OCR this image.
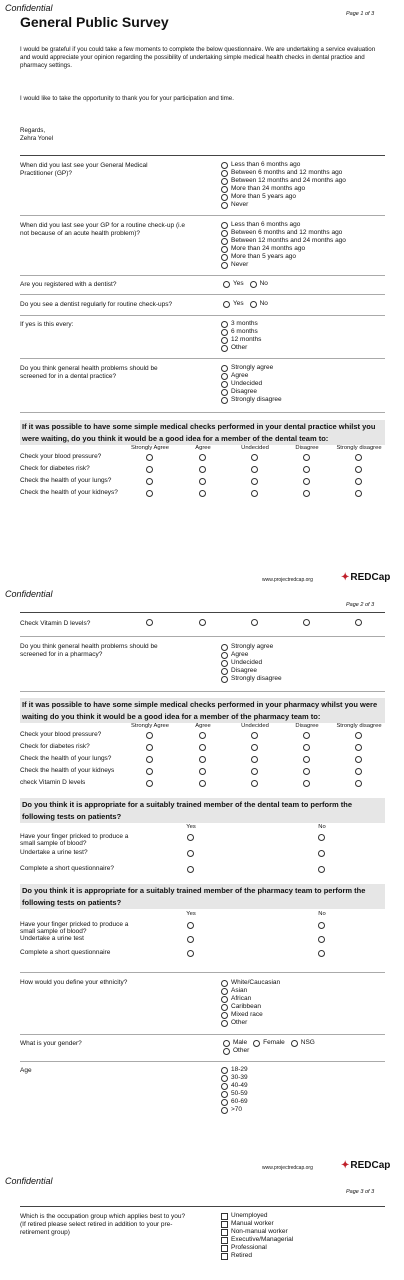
Confidential
Page 1 of 3
General Public Survey
I would be grateful if you could take a few moments to complete the below questionnaire. We are undertaking a service evaluation and would appreciate your opinion regarding the possibility of undertaking simple medical health checks in dental practice and pharmacy settings.
I would like to take the opportunity to thank you for your participation and time.
Regards,
Zehra Yonel
When did you last see your General Medical Practitioner (GP)?
Less than 6 months ago
Between 6 months and 12 months ago
Between 12 months and 24 months ago
More than 24 months ago
More than 5 years ago
Never
When did you last see your GP for a routine check-up (i.e not because of an acute health problem)?
Less than 6 months ago
Between 6 months and 12 months ago
Between 12 months and 24 months ago
More than 24 months ago
More than 5 years ago
Never
Are you registered with a dentist?	Yes No
Do you see a dentist regularly for routine check-ups?	Yes No
If yes is this every:	3 months
6 months
12 months
Other
Do you think general health problems should be screened for in a dental practice?
Strongly agree
Agree
Undecided
Disagree
Strongly disagree
If it was possible to have some simple medical checks performed in your dental practice whilst you were waiting, do you think it would be a good idea for a member of the dental team to:
Strongly Agree	Agree	Undecided	Disagree	Strongly disagree
Check your blood pressure?
Check for diabetes risk?
Check the health of your lungs?
Check the health of your kidneys?
www.projectredcap.org	✦ REDCap
Confidential
Page 2 of 3
Check Vitamin D levels?
Do you think general health problems should be screened for in a pharmacy?
Strongly agree
Agree
Undecided
Disagree
Strongly disagree
If it was possible to have some simple medical checks performed in your pharmacy whilst you were waiting do you think it would be a good idea for a member of the pharmacy team to:
Strongly Agree	Agree	Undecided	Disagree	Strongly disagree
Check your blood pressure?
Check for diabetes risk?
Check the health of your lungs?
Check the health of your kidneys
check Vitamin D levels
Do you think it is appropriate for a suitably trained member of the dental team to perform the following tests on patients?
Yes	No
Have your finger pricked to produce a small sample of blood?
Undertake a urine test?
Complete a short questionnaire?
Do you think it is appropriate for a suitably trained member of the pharmacy team to perform the following tests on patients?
Yes	No
Have your finger pricked to produce a small sample of blood?
Undertake a urine test
Complete a short questionnaire
How would you define your ethnicity?	White/Caucasian
Asian
African
Caribbean
Mixed race
Other
What is your gender?	Male Female NSG
Other
Age	18-29
30-39
40-49
50-59
60-69
>70
www.projectredcap.org	✦ REDCap
Confidential
Page 3 of 3
Which is the occupation group which applies best to you? (If retired please select retired in addition to your pre-retirement group)
Unemployed
Manual worker
Non-manual worker
Executive/Managerial
Professional
Retired
